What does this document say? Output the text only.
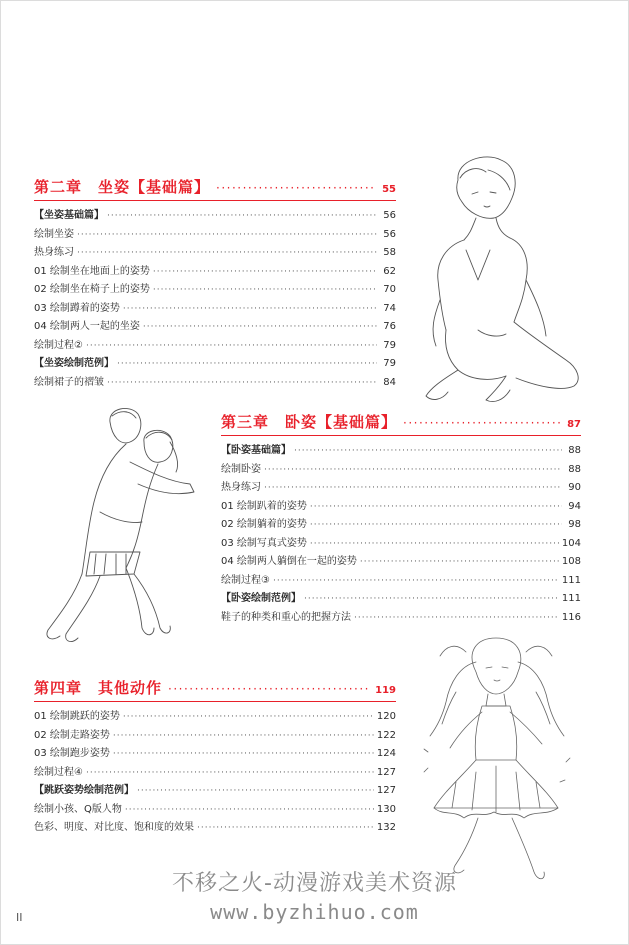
第二章 坐姿【基础篇】 ·····	55
【坐姿基础篇】 ·····	56
绘制坐姿 ·····	56
热身练习 ·····	58
01 绘制坐在地面上的姿势 ·····	62
02 绘制坐在椅子上的姿势 ·····	70
03 绘制蹲着的姿势 ·····	74
04 绘制两人一起的坐姿 ·····	76
绘制过程② ·····	79
【坐姿绘制范例】 ·····	79
绘制裙子的褶皱 ·····	84
第三章 卧姿【基础篇】 ·····	87
【卧姿基础篇】 ·····	88
绘制卧姿 ·····	88
热身练习 ·····	90
01 绘制趴着的姿势 ·····	94
02 绘制躺着的姿势 ·····	98
03 绘制写真式姿势 ·····	104
04 绘制两人躺倒在一起的姿势 ·····	108
绘制过程③ ·····	111
【卧姿绘制范例】 ·····	111
鞋子的种类和重心的把握方法 ·····	116
第四章 其他动作 ·····	119
01 绘制跳跃的姿势 ·····	120
02 绘制走路姿势 ·····	122
03 绘制跑步姿势 ·····	124
绘制过程④ ·····	127
【跳跃姿势绘制范例】 ·····	127
绘制小孩、Q版人物 ·····	130
色彩、明度、对比度、饱和度的效果 ·····	132
不移之火-动漫游戏美术资源
www.byzhihuo.com
II
